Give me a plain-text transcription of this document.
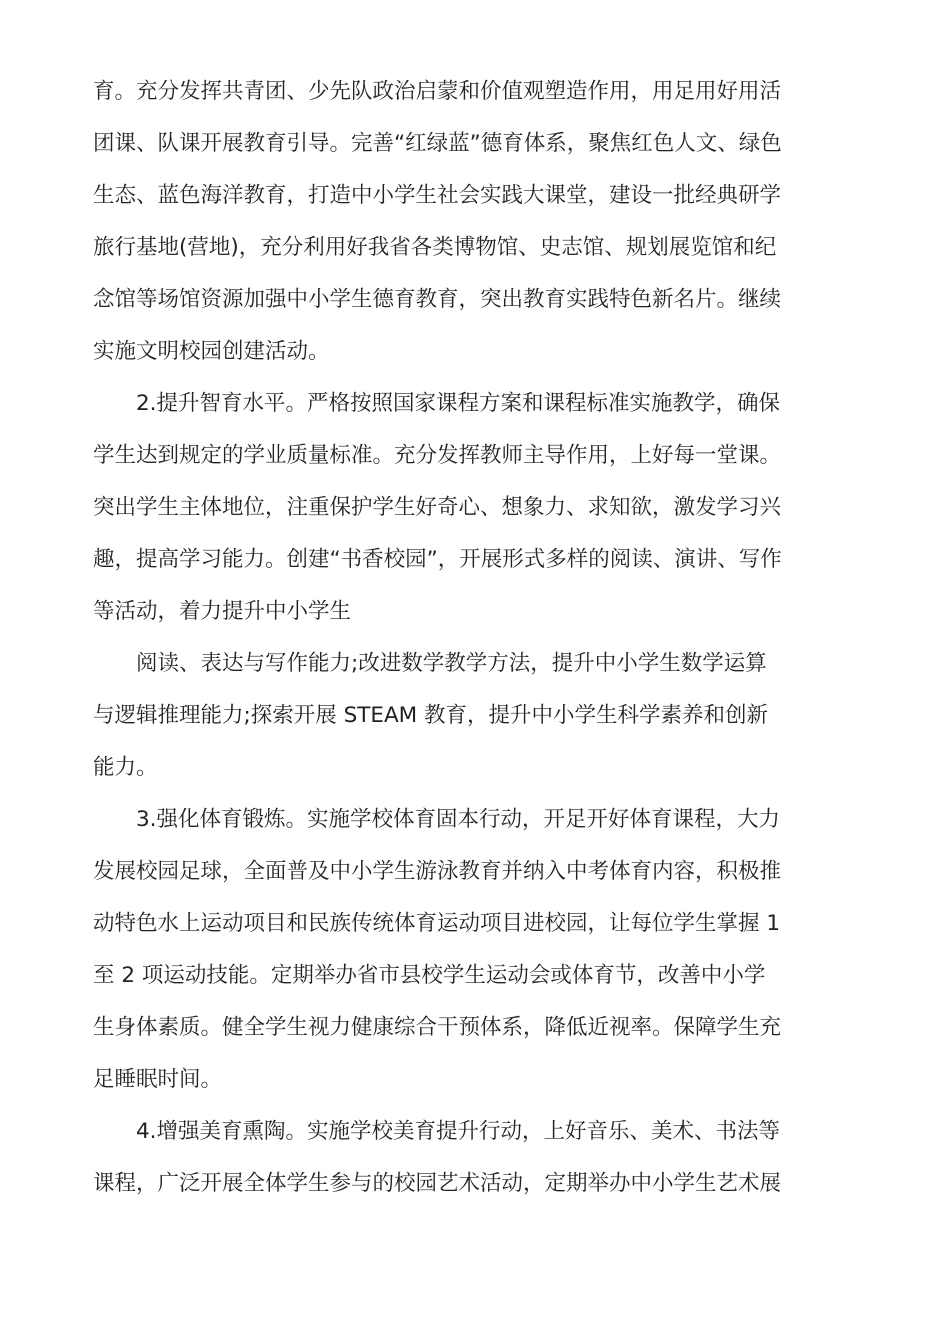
育。充分发挥共青团、少先队政治启蒙和价值观塑造作用，用足用好用活
团课、队课开展教育引导。完善“红绿蓝”德育体系，聚焦红色人文、绿色
生态、蓝色海洋教育，打造中小学生社会实践大课堂，建设一批经典研学
旅行基地(营地)，充分利用好我省各类博物馆、史志馆、规划展览馆和纪
念馆等场馆资源加强中小学生德育教育，突出教育实践特色新名片。继续
实施文明校园创建活动。
2.提升智育水平。严格按照国家课程方案和课程标准实施教学，确保
学生达到规定的学业质量标准。充分发挥教师主导作用，上好每一堂课。
突出学生主体地位，注重保护学生好奇心、想象力、求知欲，激发学习兴
趣，提高学习能力。创建“书香校园”，开展形式多样的阅读、演讲、写作
等活动，着力提升中小学生
阅读、表达与写作能力;改进数学教学方法，提升中小学生数学运算
与逻辑推理能力;探索开展 STEAM 教育，提升中小学生科学素养和创新
能力。
3.强化体育锻炼。实施学校体育固本行动，开足开好体育课程，大力
发展校园足球，全面普及中小学生游泳教育并纳入中考体育内容，积极推
动特色水上运动项目和民族传统体育运动项目进校园，让每位学生掌握 1
至 2 项运动技能。定期举办省市县校学生运动会或体育节，改善中小学
生身体素质。健全学生视力健康综合干预体系，降低近视率。保障学生充
足睡眠时间。
4.增强美育熏陶。实施学校美育提升行动，上好音乐、美术、书法等
课程，广泛开展全体学生参与的校园艺术活动，定期举办中小学生艺术展
